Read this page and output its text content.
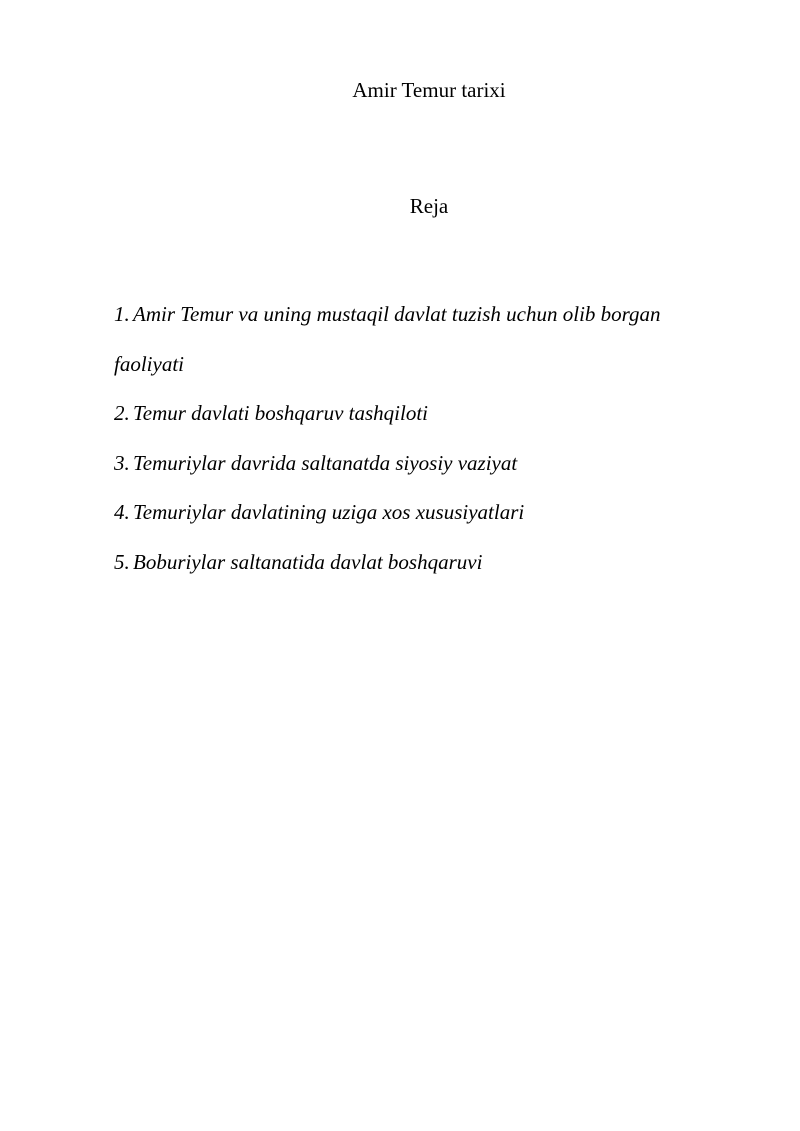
Amir Temur tarixi
Reja
1. Amir Temur va uning mustaqil davlat tuzish uchun olib borgan
faoliyati
2. Temur davlati boshqaruv tashqiloti
3. Temuriylar davrida saltanatda siyosiy vaziyat
4. Temuriylar davlatining uziga xos xususiyatlari
5. Boburiylar saltanatida davlat boshqaruvi
